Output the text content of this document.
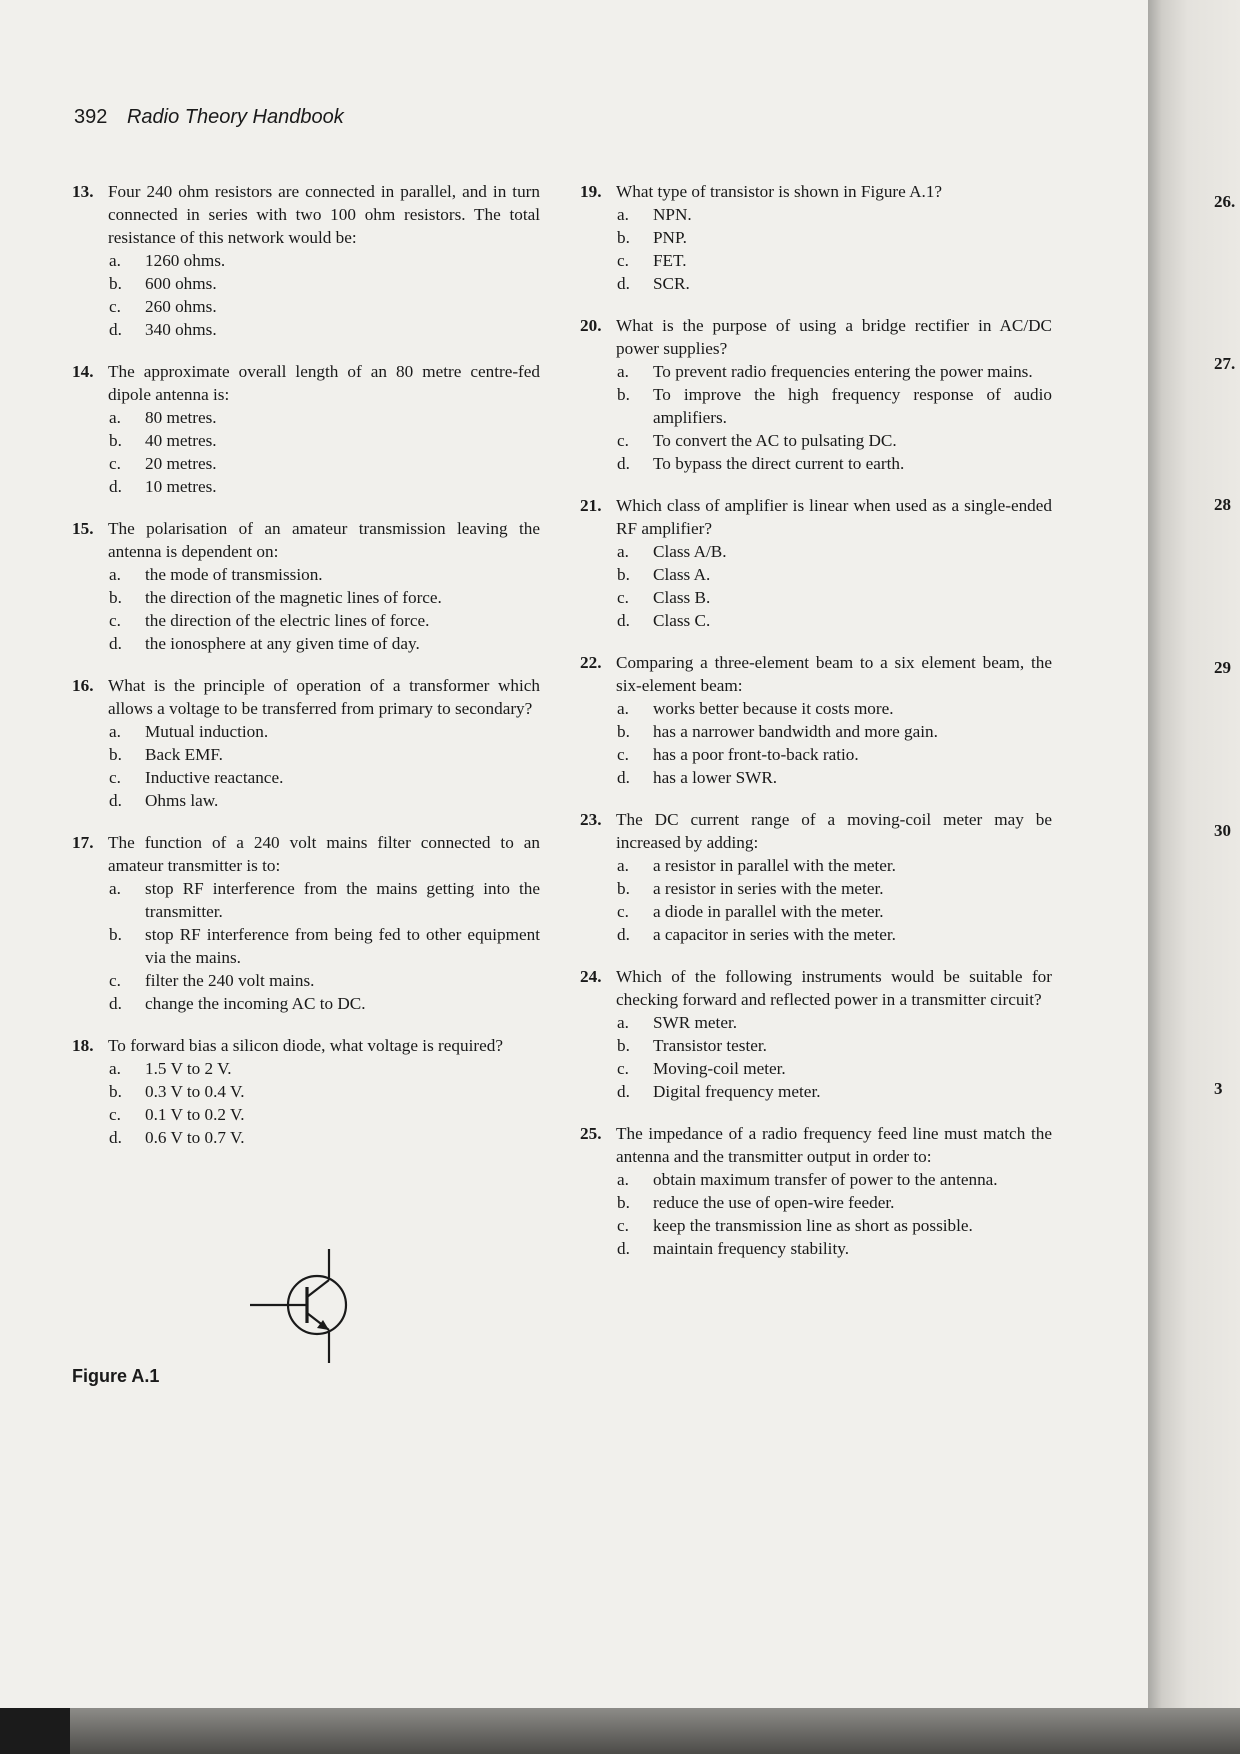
392 Radio Theory Handbook
13. Four 240 ohm resistors are connected in parallel, and in turn connected in series with two 100 ohm resistors. The total resistance of this network would be:
a.	1260 ohms.
b.	600 ohms.
c.	260 ohms.
d.	340 ohms.
14. The approximate overall length of an 80 metre centre-fed dipole antenna is:
a.	80 metres.
b.	40 metres.
c.	20 metres.
d.	10 metres.
15. The polarisation of an amateur transmission leaving the antenna is dependent on:
a.	the mode of transmission.
b.	the direction of the magnetic lines of force.
c.	the direction of the electric lines of force.
d.	the ionosphere at any given time of day.
16. What is the principle of operation of a transformer which allows a voltage to be transferred from primary to secondary?
a.	Mutual induction.
b.	Back EMF.
c.	Inductive reactance.
d.	Ohms law.
17. The function of a 240 volt mains filter connected to an amateur transmitter is to:
a.	stop RF interference from the mains getting into the transmitter.
b.	stop RF interference from being fed to other equipment via the mains.
c.	filter the 240 volt mains.
d.	change the incoming AC to DC.
18. To forward bias a silicon diode, what voltage is required?
a.	1.5 V to 2 V.
b.	0.3 V to 0.4 V.
c.	0.1 V to 0.2 V.
d.	0.6 V to 0.7 V.
19. What type of transistor is shown in Figure A.1?
a.	NPN.
b.	PNP.
c.	FET.
d.	SCR.
20. What is the purpose of using a bridge rectifier in AC/DC power supplies?
a.	To prevent radio frequencies entering the power mains.
b.	To improve the high frequency response of audio amplifiers.
c.	To convert the AC to pulsating DC.
d.	To bypass the direct current to earth.
21. Which class of amplifier is linear when used as a single-ended RF amplifier?
a.	Class A/B.
b.	Class A.
c.	Class B.
d.	Class C.
22. Comparing a three-element beam to a six element beam, the six-element beam:
a.	works better because it costs more.
b.	has a narrower bandwidth and more gain.
c.	has a poor front-to-back ratio.
d.	has a lower SWR.
23. The DC current range of a moving-coil meter may be increased by adding:
a.	a resistor in parallel with the meter.
b.	a resistor in series with the meter.
c.	a diode in parallel with the meter.
d.	a capacitor in series with the meter.
24. Which of the following instruments would be suitable for checking forward and reflected power in a transmitter circuit?
a.	SWR meter.
b.	Transistor tester.
c.	Moving-coil meter.
d.	Digital frequency meter.
25. The impedance of a radio frequency feed line must match the antenna and the transmitter output in order to:
a.	obtain maximum transfer of power to the antenna.
b.	reduce the use of open-wire feeder.
c.	keep the transmission line as short as possible.
d.	maintain frequency stability.
Figure A.1
26.
27.
28
29
30
3
